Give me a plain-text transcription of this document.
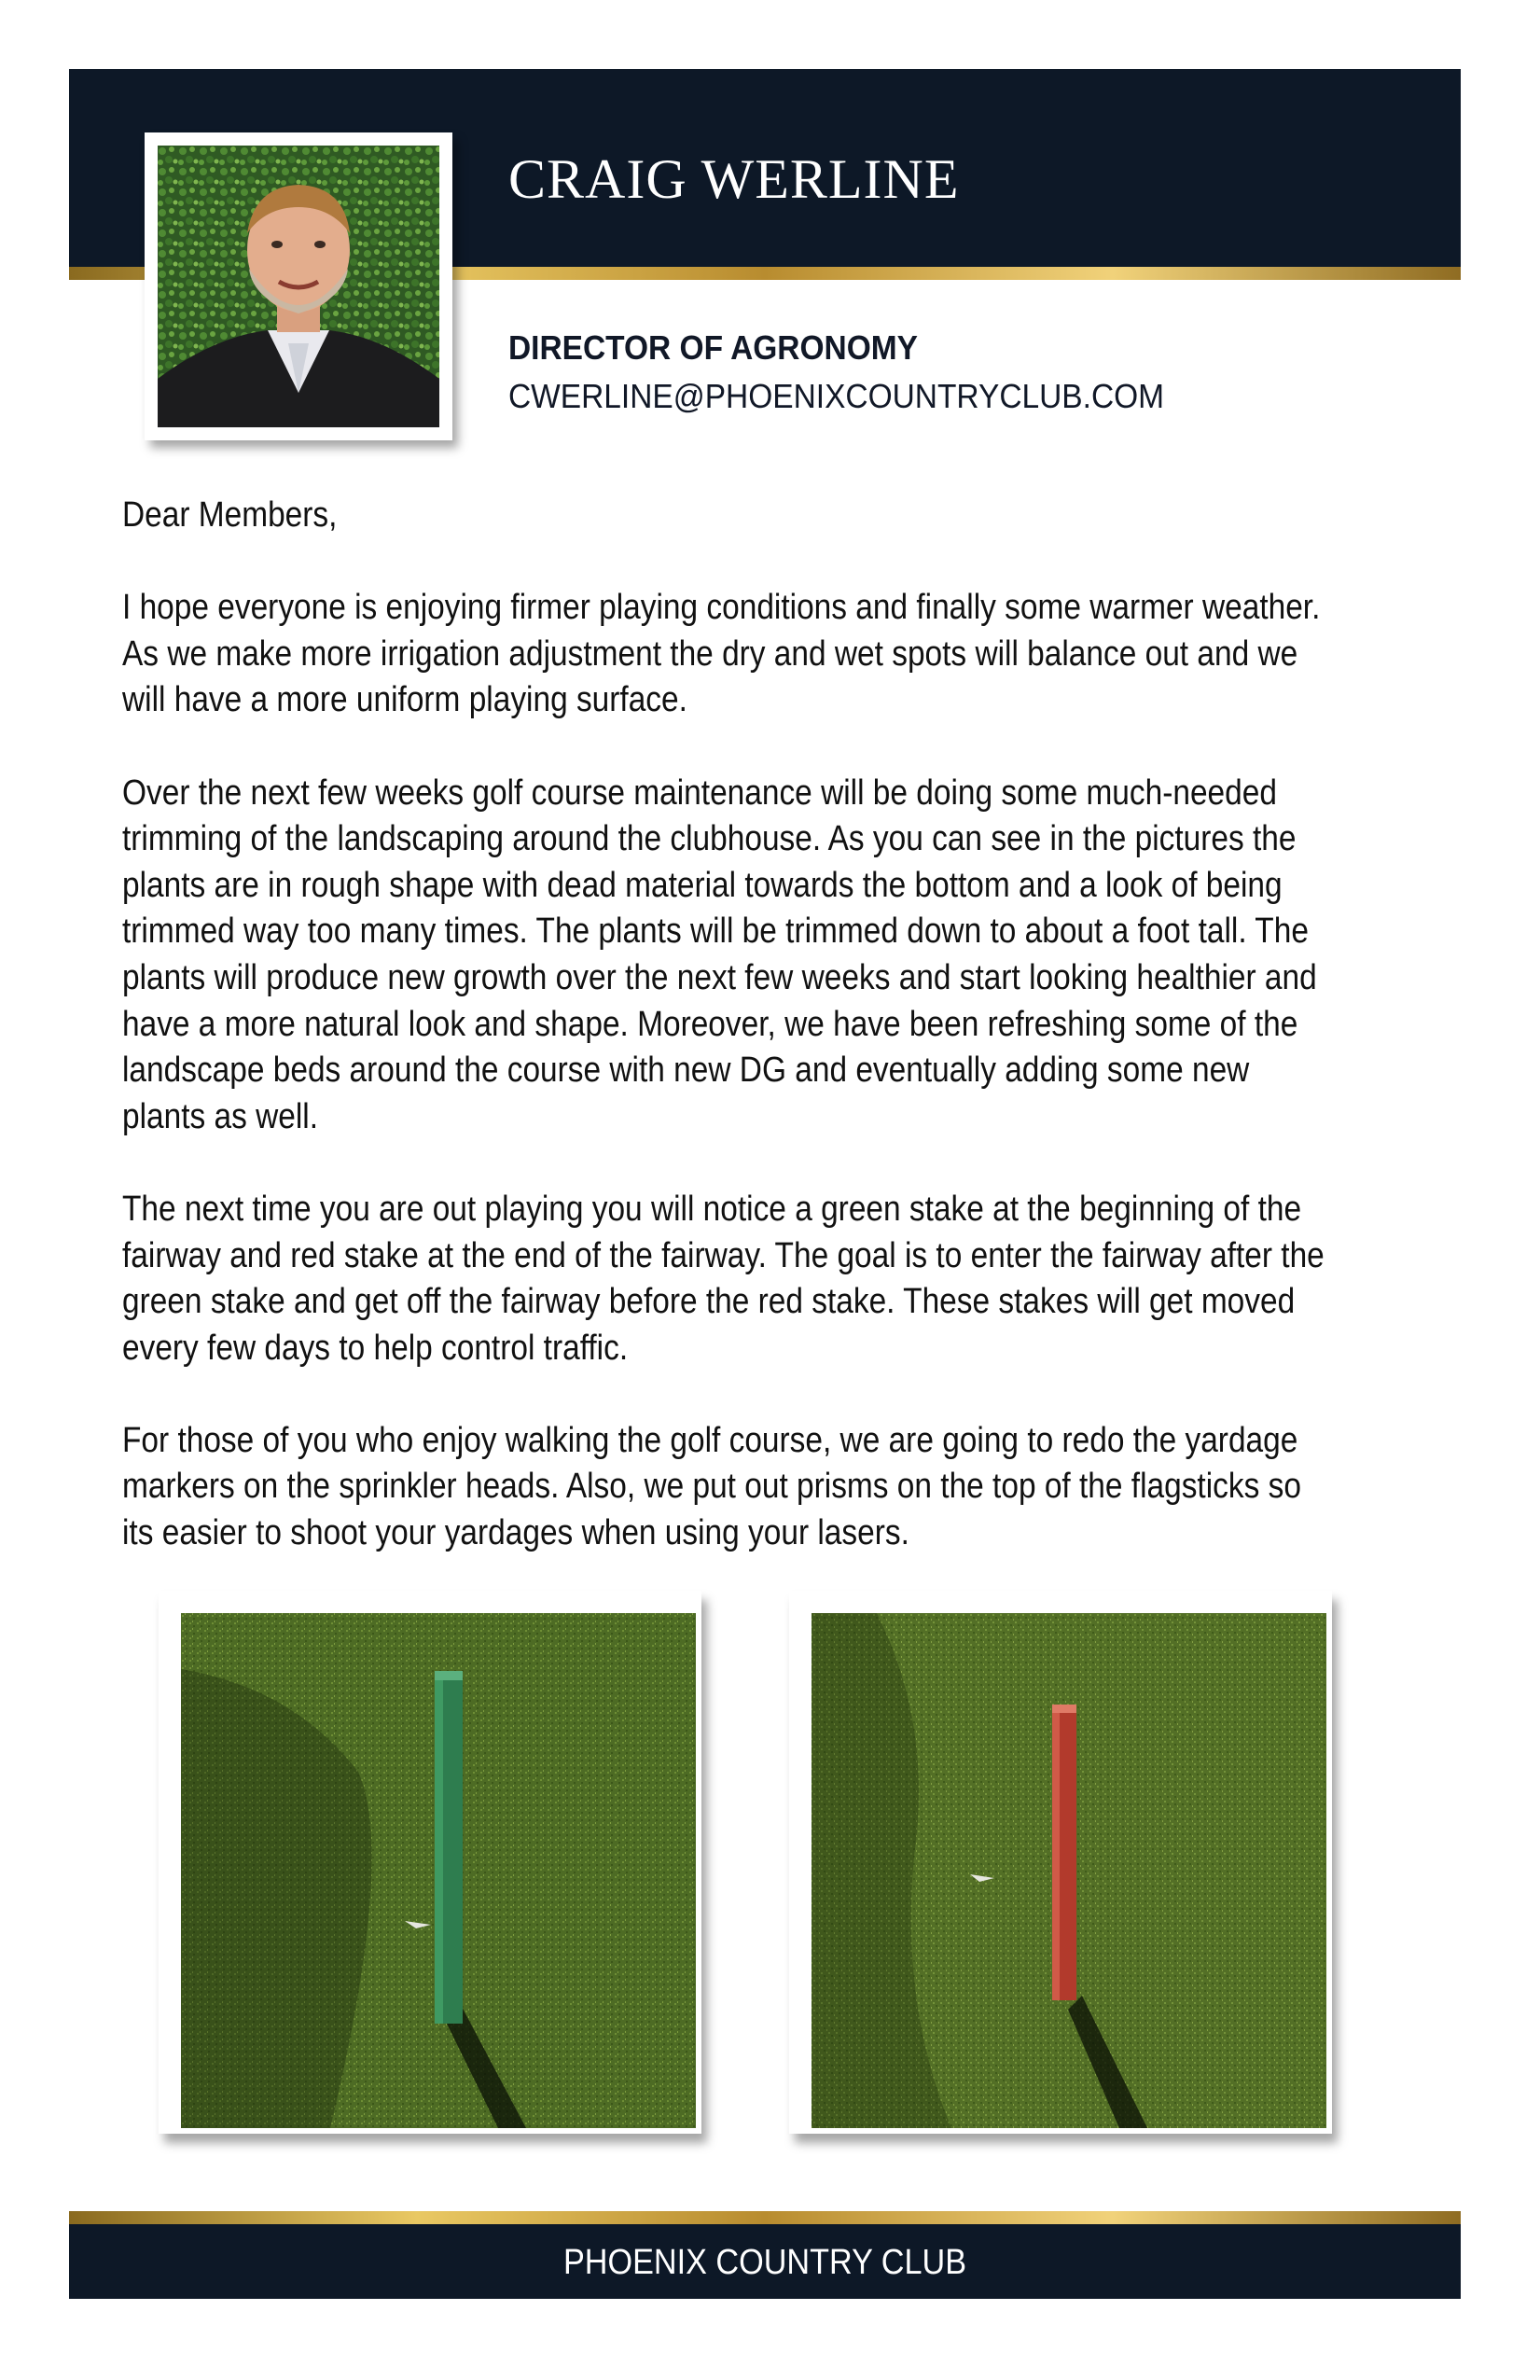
CRAIG WERLINE
DIRECTOR OF AGRONOMY
CWERLINE@PHOENIXCOUNTRYCLUB.COM

Dear Members,

I hope everyone is enjoying firmer playing conditions and finally some warmer weather. As we make more irrigation adjustment the dry and wet spots will balance out and we will have a more uniform playing surface.

Over the next few weeks golf course maintenance will be doing some much-needed trimming of the landscaping around the clubhouse. As you can see in the pictures the plants are in rough shape with dead material towards the bottom and a look of being trimmed way too many times. The plants will be trimmed down to about a foot tall. The plants will produce new growth over the next few weeks and start looking healthier and have a more natural look and shape. Moreover, we have been refreshing some of the landscape beds around the course with new DG and eventually adding some new plants as well.

The next time you are out playing you will notice a green stake at the beginning of the fairway and red stake at the end of the fairway. The goal is to enter the fairway after the green stake and get off the fairway before the red stake. These stakes will get moved every few days to help control traffic.

For those of you who enjoy walking the golf course, we are going to redo the yardage markers on the sprinkler heads. Also, we put out prisms on the top of the flagsticks so its easier to shoot your yardages when using your lasers.

PHOENIX COUNTRY CLUB
